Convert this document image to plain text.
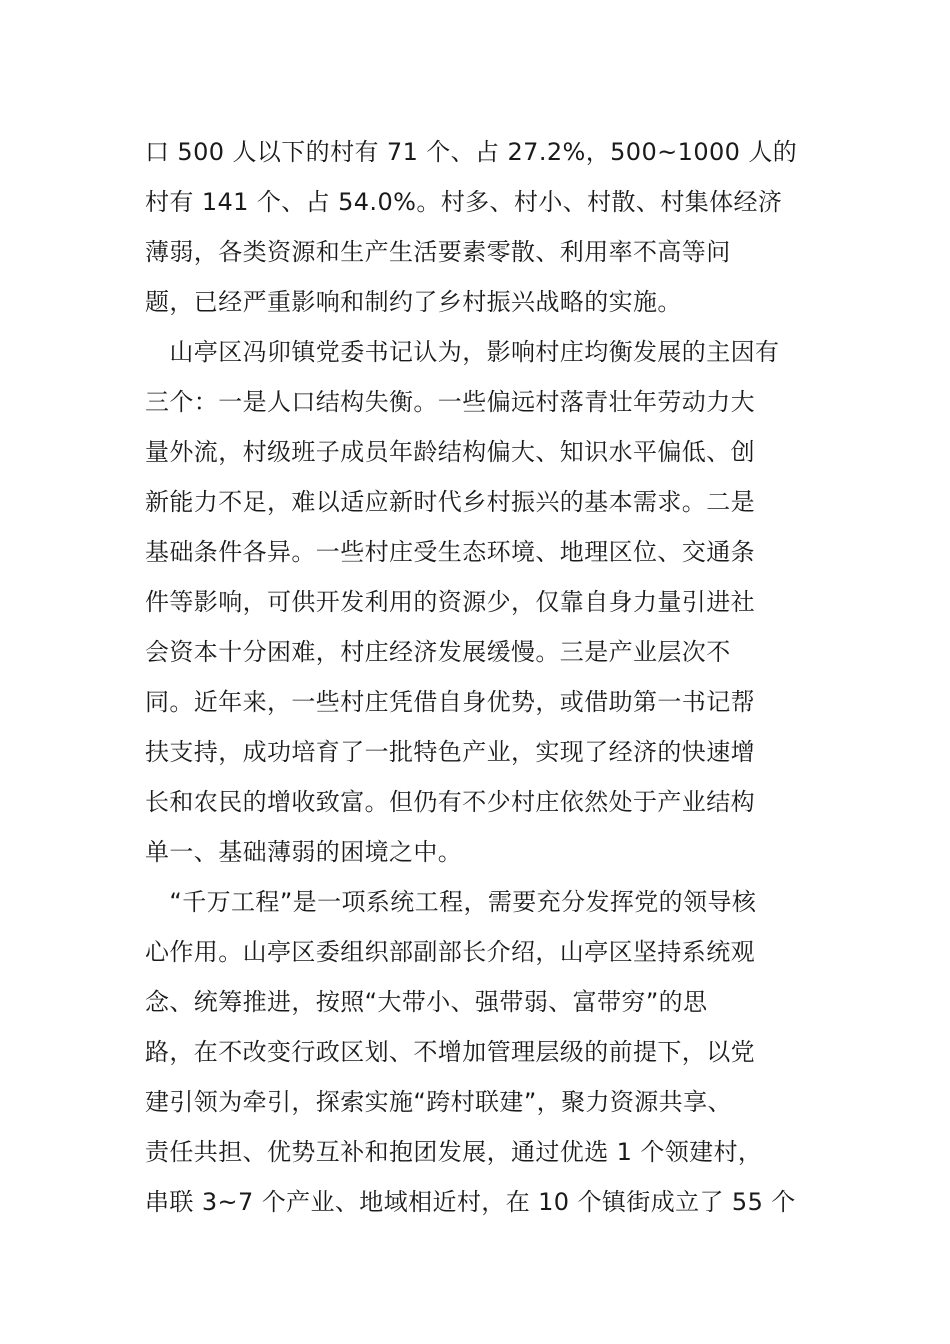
口 500 人以下的村有 71 个、占 27.2%，500~1000 人的
村有 141 个、占 54.0%。村多、村小、村散、村集体经济
薄弱，各类资源和生产生活要素零散、利用率不高等问
题，已经严重影响和制约了乡村振兴战略的实施。
　山亭区冯卯镇党委书记认为，影响村庄均衡发展的主因有
三个：一是人口结构失衡。一些偏远村落青壮年劳动力大
量外流，村级班子成员年龄结构偏大、知识水平偏低、创
新能力不足，难以适应新时代乡村振兴的基本需求。二是
基础条件各异。一些村庄受生态环境、地理区位、交通条
件等影响，可供开发利用的资源少，仅靠自身力量引进社
会资本十分困难，村庄经济发展缓慢。三是产业层次不
同。近年来，一些村庄凭借自身优势，或借助第一书记帮
扶支持，成功培育了一批特色产业，实现了经济的快速增
长和农民的增收致富。但仍有不少村庄依然处于产业结构
单一、基础薄弱的困境之中。
　“千万工程”是一项系统工程，需要充分发挥党的领导核
心作用。山亭区委组织部副部长介绍，山亭区坚持系统观
念、统筹推进，按照“大带小、强带弱、富带穷”的思
路，在不改变行政区划、不增加管理层级的前提下，以党
建引领为牵引，探索实施“跨村联建”，聚力资源共享、
责任共担、优势互补和抱团发展，通过优选 1 个领建村，
串联 3~7 个产业、地域相近村，在 10 个镇街成立了 55 个
